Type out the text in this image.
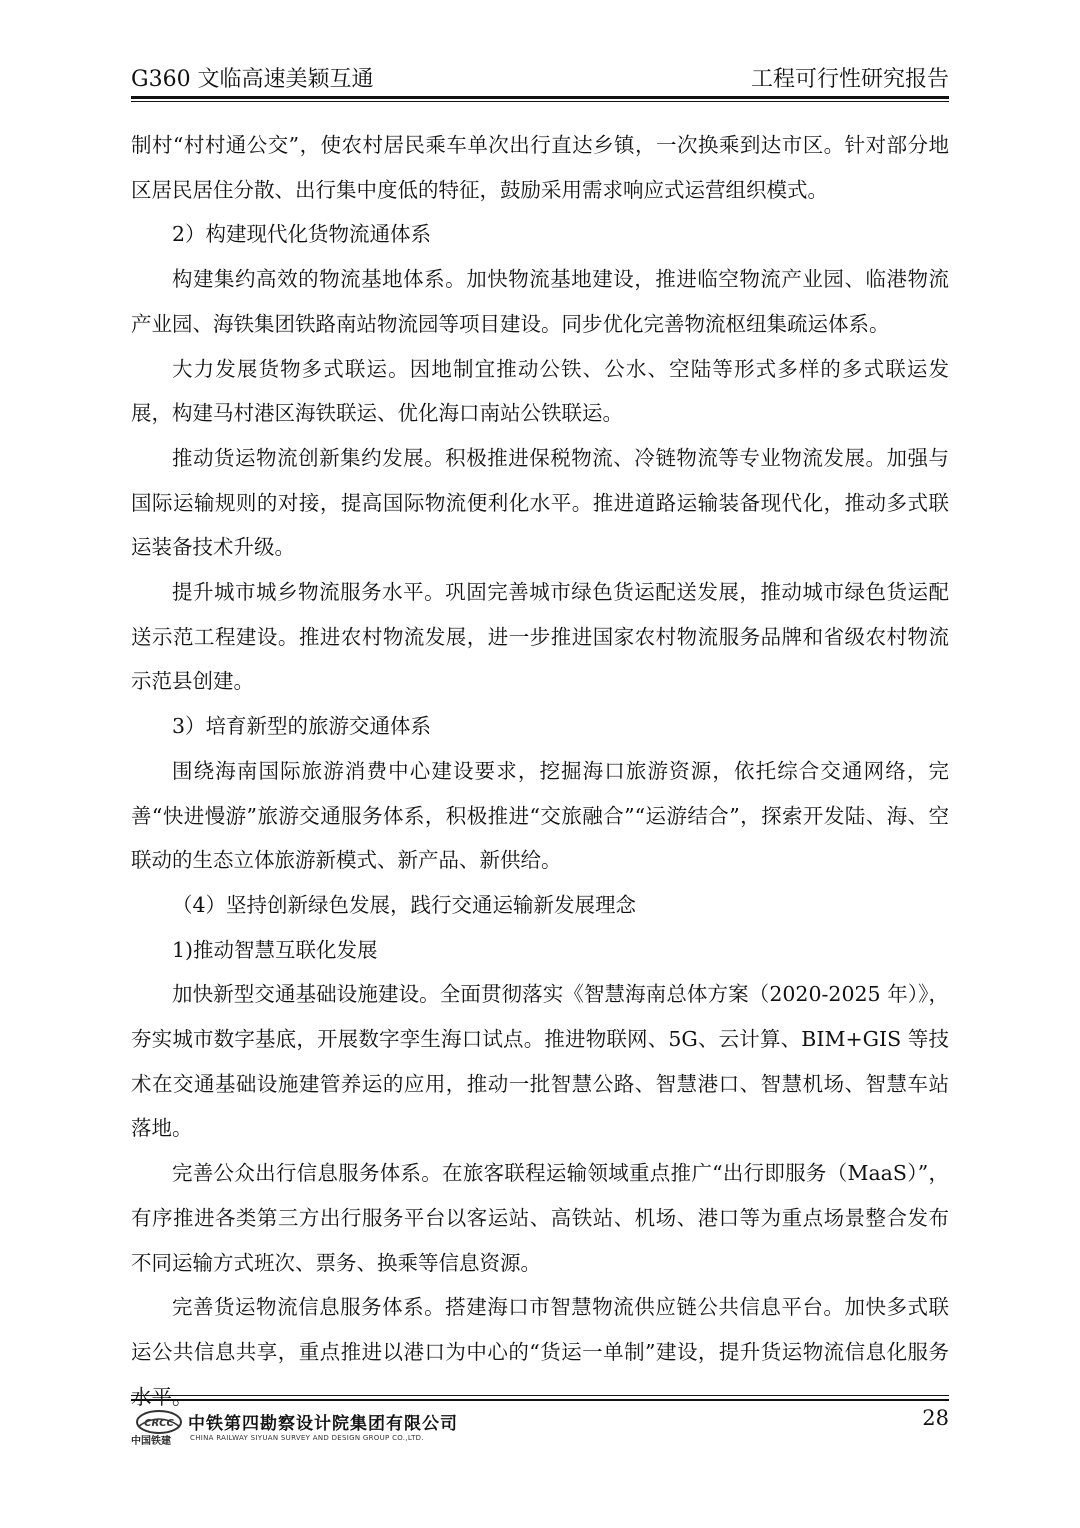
G360 文临高速美颖互通	工程可行性研究报告

制村“村村通公交”，使农村居民乘车单次出行直达乡镇，一次换乘到达市区。针对部分地区居民居住分散、出行集中度低的特征，鼓励采用需求响应式运营组织模式。

2）构建现代化货物流通体系

构建集约高效的物流基地体系。加快物流基地建设，推进临空物流产业园、临港物流产业园、海铁集团铁路南站物流园等项目建设。同步优化完善物流枢纽集疏运体系。

大力发展货物多式联运。因地制宜推动公铁、公水、空陆等形式多样的多式联运发展，构建马村港区海铁联运、优化海口南站公铁联运。

推动货运物流创新集约发展。积极推进保税物流、冷链物流等专业物流发展。加强与国际运输规则的对接，提高国际物流便利化水平。推进道路运输装备现代化，推动多式联运装备技术升级。

提升城市城乡物流服务水平。巩固完善城市绿色货运配送发展，推动城市绿色货运配送示范工程建设。推进农村物流发展，进一步推进国家农村物流服务品牌和省级农村物流示范县创建。

3）培育新型的旅游交通体系

围绕海南国际旅游消费中心建设要求，挖掘海口旅游资源，依托综合交通网络，完善“快进慢游”旅游交通服务体系，积极推进“交旅融合”“运游结合”，探索开发陆、海、空联动的生态立体旅游新模式、新产品、新供给。

（4）坚持创新绿色发展，践行交通运输新发展理念

1)推动智慧互联化发展

加快新型交通基础设施建设。全面贯彻落实《智慧海南总体方案（2020-2025 年）》，夯实城市数字基底，开展数字孪生海口试点。推进物联网、5G、云计算、BIM+GIS 等技术在交通基础设施建管养运的应用，推动一批智慧公路、智慧港口、智慧机场、智慧车站落地。

完善公众出行信息服务体系。在旅客联程运输领域重点推广“出行即服务（MaaS）”，有序推进各类第三方出行服务平台以客运站、高铁站、机场、港口等为重点场景整合发布不同运输方式班次、票务、换乘等信息资源。

完善货运物流信息服务体系。搭建海口市智慧物流供应链公共信息平台。加快多式联运公共信息共享，重点推进以港口为中心的“货运一单制”建设，提升货运物流信息化服务水平。

CRCC
中国铁建
中铁第四勘察设计院集团有限公司
CHINA RAILWAY SIYUAN SURVEY AND DESIGN GROUP CO.,LTD.
28
